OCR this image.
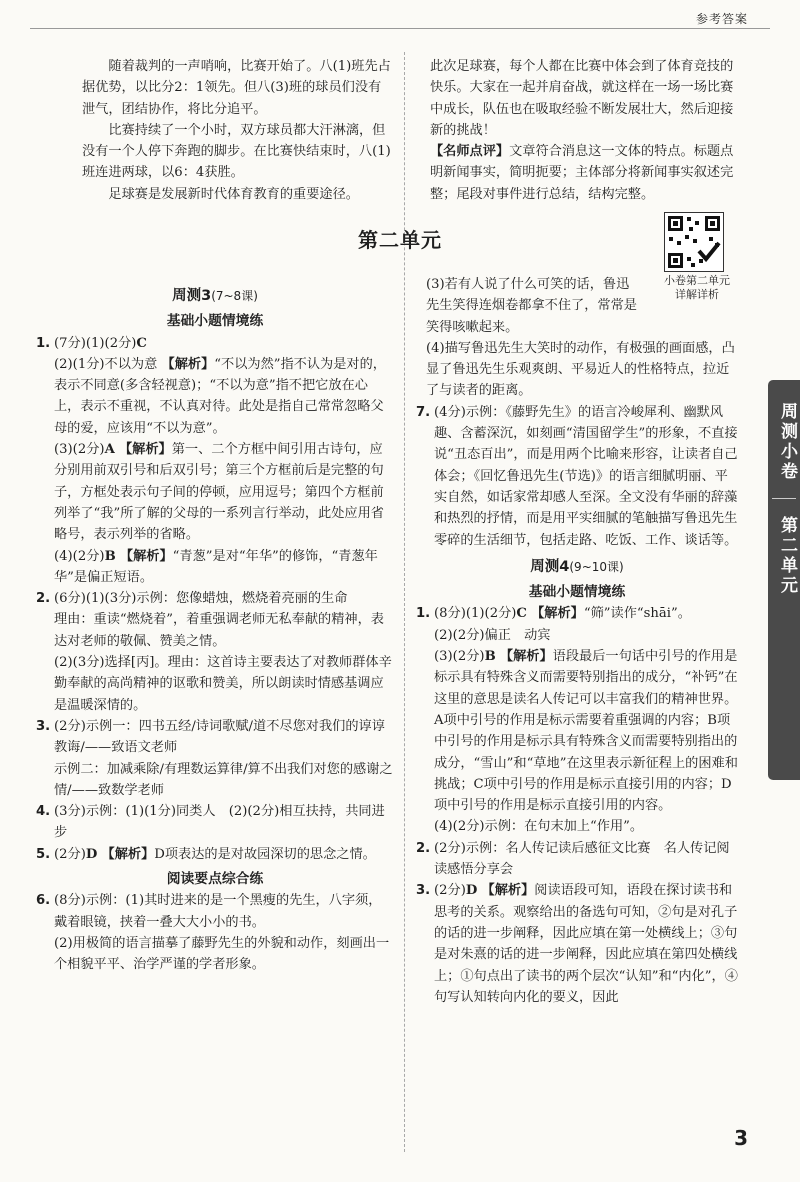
参考答案

随着裁判的一声哨响，比赛开始了。八(1)班先占据优势，以比分2：1领先。但八(3)班的球员们没有泄气，团结协作，将比分追平。

比赛持续了一个小时，双方球员都大汗淋漓，但没有一个人停下奔跑的脚步。在比赛快结束时，八(1)班连进两球，以6：4获胜。

足球赛是发展新时代体育教育的重要途径。

此次足球赛，每个人都在比赛中体会到了体育竞技的快乐。大家在一起并肩奋战，就这样在一场一场比赛中成长，队伍也在吸取经验不断发展壮大，然后迎接新的挑战！

【名师点评】文章符合消息这一文体的特点。标题点明新闻事实，简明扼要；主体部分将新闻事实叙述完整；尾段对事件进行总结，结构完整。

第二单元
小卷第二单元
详解详析

周测3(7~8课)

基础小题情境练

1. (7分)(1)(2分)C

(2)(1分)不以为意 【解析】“不以为然”指不认为是对的，表示不同意(多含轻视意)；“不以为意”指不把它放在心上，表示不重视，不认真对待。此处是指自己常常忽略父母的爱，应该用“不以为意”。

(3)(2分)A 【解析】第一、二个方框中间引用古诗句，应分别用前双引号和后双引号；第三个方框前后是完整的句子，方框处表示句子间的停顿，应用逗号；第四个方框前列举了“我”所了解的父母的一系列言行举动，此处应用省略号，表示列举的省略。

(4)(2分)B 【解析】“青葱”是对“年华”的修饰，“青葱年华”是偏正短语。

2. (6分)(1)(3分)示例：您像蜡烛，燃烧着亮丽的生命

理由：重读“燃烧着”，着重强调老师无私奉献的精神，表达对老师的敬佩、赞美之情。

(2)(3分)选择[丙]。理由：这首诗主要表达了对教师群体辛勤奉献的高尚精神的讴歌和赞美，所以朗读时情感基调应是温暖深情的。

3. (2分)示例一：四书五经/诗词歌赋/道不尽您对我们的谆谆教诲/——致语文老师

示例二：加减乘除/有理数运算律/算不出我们对您的感谢之情/——致数学老师

4. (3分)示例：(1)(1分)同类人　(2)(2分)相互扶持，共同进步

5. (2分)D 【解析】D项表达的是对故园深切的思念之情。

阅读要点综合练

6. (8分)示例：(1)其时进来的是一个黑瘦的先生，八字须，戴着眼镜，挟着一叠大大小小的书。

(2)用极简的语言描摹了藤野先生的外貌和动作，刻画出一个相貌平平、治学严谨的学者形象。

(3)若有人说了什么可笑的话，鲁迅先生笑得连烟卷都拿不住了，常常是笑得咳嗽起来。

(4)描写鲁迅先生大笑时的动作，有极强的画面感，凸显了鲁迅先生乐观爽朗、平易近人的性格特点，拉近了与读者的距离。

7. (4分)示例：《藤野先生》的语言冷峻犀利、幽默风趣、含蓄深沉，如刻画“清国留学生”的形象，不直接说“丑态百出”，而是用两个比喻来形容，让读者自己体会；《回忆鲁迅先生(节选)》的语言细腻明丽、平实自然，如话家常却感人至深。全文没有华丽的辞藻和热烈的抒情，而是用平实细腻的笔触描写鲁迅先生零碎的生活细节，包括走路、吃饭、工作、谈话等。

周测4(9~10课)

基础小题情境练

1. (8分)(1)(2分)C 【解析】“筛”读作“shāi”。

(2)(2分)偏正　动宾

(3)(2分)B 【解析】语段最后一句话中引号的作用是标示具有特殊含义而需要特别指出的成分，“补钙”在这里的意思是读名人传记可以丰富我们的精神世界。A项中引号的作用是标示需要着重强调的内容；B项中引号的作用是标示具有特殊含义而需要特别指出的成分，“雪山”和“草地”在这里表示新征程上的困难和挑战；C项中引号的作用是标示直接引用的内容；D项中引号的作用是标示直接引用的内容。

(4)(2分)示例：在句末加上“作用”。

2. (2分)示例：名人传记读后感征文比赛　名人传记阅读感悟分享会

3. (2分)D 【解析】阅读语段可知，语段在探讨读书和思考的关系。观察给出的备选句可知，②句是对孔子的话的进一步阐释，因此应填在第一处横线上；③句是对朱熹的话的进一步阐释，因此应填在第四处横线上；①句点出了读书的两个层次“认知”和“内化”，④句写认知转向内化的要义，因此

周测小卷
第二单元
3
